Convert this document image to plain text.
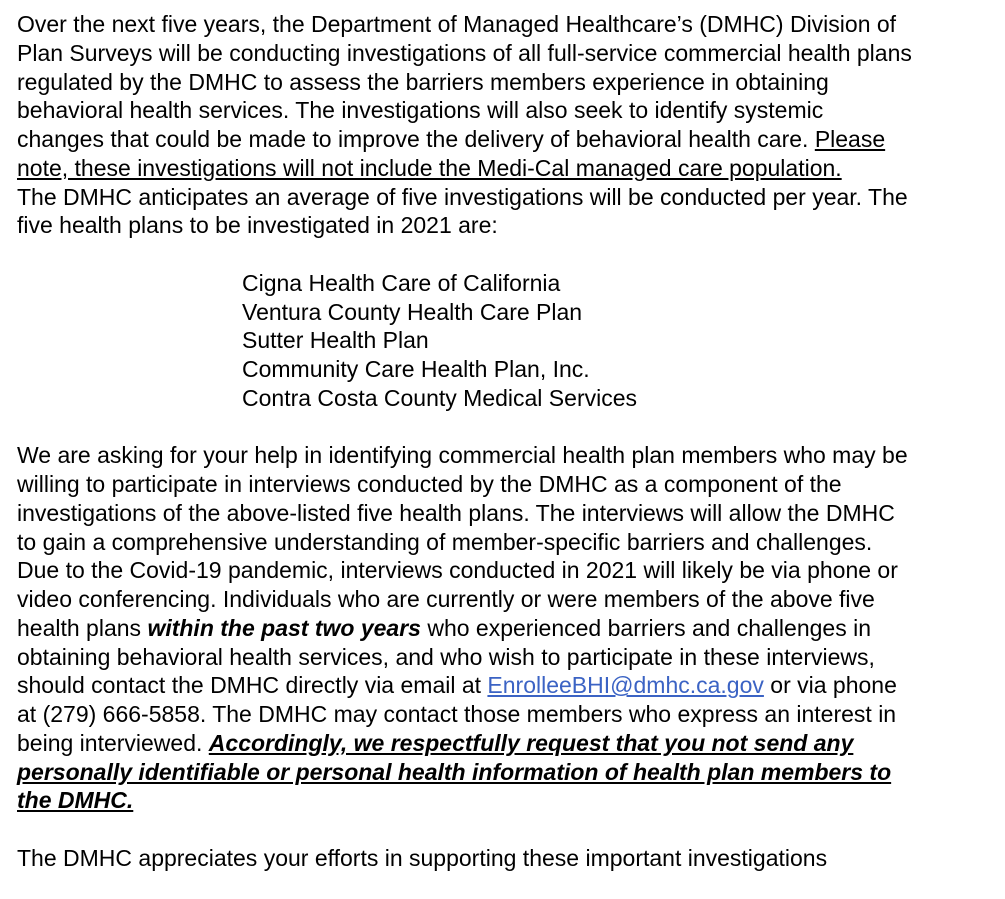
Over the next five years, the Department of Managed Healthcare’s (DMHC) Division of
Plan Surveys will be conducting investigations of all full-service commercial health plans
regulated by the DMHC to assess the barriers members experience in obtaining
behavioral health services. The investigations will also seek to identify systemic
changes that could be made to improve the delivery of behavioral health care. Please
note, these investigations will not include the Medi-Cal managed care population.
The DMHC anticipates an average of five investigations will be conducted per year. The
five health plans to be investigated in 2021 are:
Cigna Health Care of California
Ventura County Health Care Plan
Sutter Health Plan
Community Care Health Plan, Inc.
Contra Costa County Medical Services
We are asking for your help in identifying commercial health plan members who may be
willing to participate in interviews conducted by the DMHC as a component of the
investigations of the above-listed five health plans. The interviews will allow the DMHC
to gain a comprehensive understanding of member-specific barriers and challenges.
Due to the Covid-19 pandemic, interviews conducted in 2021 will likely be via phone or
video conferencing. Individuals who are currently or were members of the above five
health plans within the past two years who experienced barriers and challenges in
obtaining behavioral health services, and who wish to participate in these interviews,
should contact the DMHC directly via email at EnrolleeBHI@dmhc.ca.gov or via phone
at (279) 666-5858. The DMHC may contact those members who express an interest in
being interviewed. Accordingly, we respectfully request that you not send any
personally identifiable or personal health information of health plan members to
the DMHC.
The DMHC appreciates your efforts in supporting these important investigations
